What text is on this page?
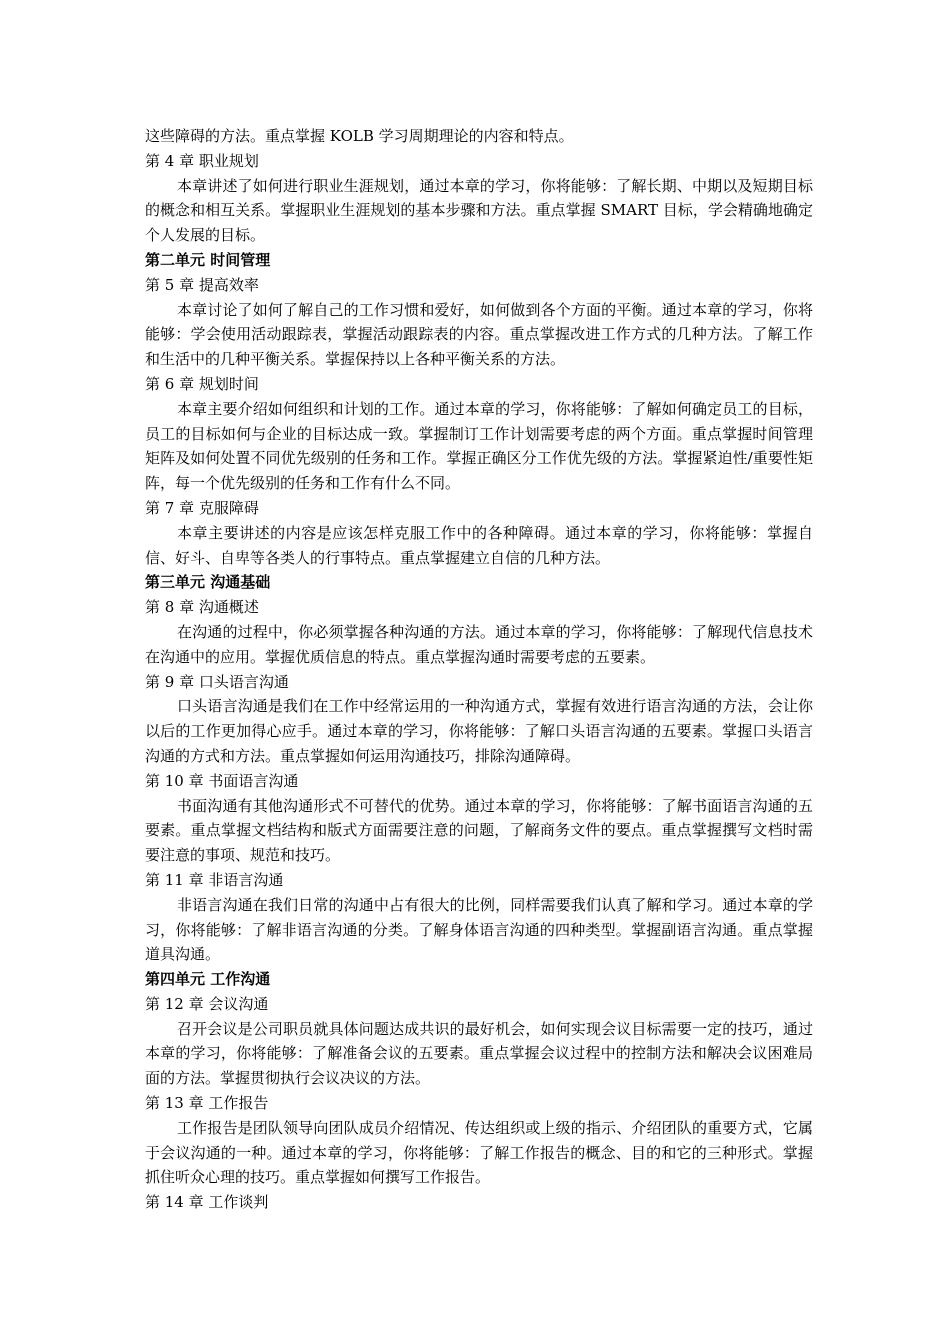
这些障碍的方法。重点掌握 KOLB 学习周期理论的内容和特点。

第 4 章 职业规划

本章讲述了如何进行职业生涯规划，通过本章的学习，你将能够：了解长期、中期以及短期目标的概念和相互关系。掌握职业生涯规划的基本步骤和方法。重点掌握 SMART 目标，学会精确地确定个人发展的目标。

第二单元 时间管理

第 5 章 提高效率

本章讨论了如何了解自己的工作习惯和爱好，如何做到各个方面的平衡。通过本章的学习，你将能够：学会使用活动跟踪表，掌握活动跟踪表的内容。重点掌握改进工作方式的几种方法。了解工作和生活中的几种平衡关系。掌握保持以上各种平衡关系的方法。

第 6 章 规划时间

本章主要介绍如何组织和计划的工作。通过本章的学习，你将能够：了解如何确定员工的目标，员工的目标如何与企业的目标达成一致。掌握制订工作计划需要考虑的两个方面。重点掌握时间管理矩阵及如何处置不同优先级别的任务和工作。掌握正确区分工作优先级的方法。掌握紧迫性/重要性矩阵，每一个优先级别的任务和工作有什么不同。

第 7 章 克服障碍

本章主要讲述的内容是应该怎样克服工作中的各种障碍。通过本章的学习，你将能够：掌握自信、好斗、自卑等各类人的行事特点。重点掌握建立自信的几种方法。

第三单元 沟通基础

第 8 章 沟通概述

在沟通的过程中，你必须掌握各种沟通的方法。通过本章的学习，你将能够：了解现代信息技术在沟通中的应用。掌握优质信息的特点。重点掌握沟通时需要考虑的五要素。

第 9 章 口头语言沟通

口头语言沟通是我们在工作中经常运用的一种沟通方式，掌握有效进行语言沟通的方法，会让你以后的工作更加得心应手。通过本章的学习，你将能够：了解口头语言沟通的五要素。掌握口头语言沟通的方式和方法。重点掌握如何运用沟通技巧，排除沟通障碍。

第 10 章 书面语言沟通

书面沟通有其他沟通形式不可替代的优势。通过本章的学习，你将能够：了解书面语言沟通的五要素。重点掌握文档结构和版式方面需要注意的问题，了解商务文件的要点。重点掌握撰写文档时需要注意的事项、规范和技巧。

第 11 章 非语言沟通

非语言沟通在我们日常的沟通中占有很大的比例，同样需要我们认真了解和学习。通过本章的学习，你将能够：了解非语言沟通的分类。了解身体语言沟通的四种类型。掌握副语言沟通。重点掌握道具沟通。

第四单元 工作沟通

第 12 章 会议沟通

召开会议是公司职员就具体问题达成共识的最好机会，如何实现会议目标需要一定的技巧，通过本章的学习，你将能够：了解准备会议的五要素。重点掌握会议过程中的控制方法和解决会议困难局面的方法。掌握贯彻执行会议决议的方法。

第 13 章 工作报告

工作报告是团队领导向团队成员介绍情况、传达组织或上级的指示、介绍团队的重要方式，它属于会议沟通的一种。通过本章的学习，你将能够：了解工作报告的概念、目的和它的三种形式。掌握抓住听众心理的技巧。重点掌握如何撰写工作报告。

第 14 章 工作谈判
